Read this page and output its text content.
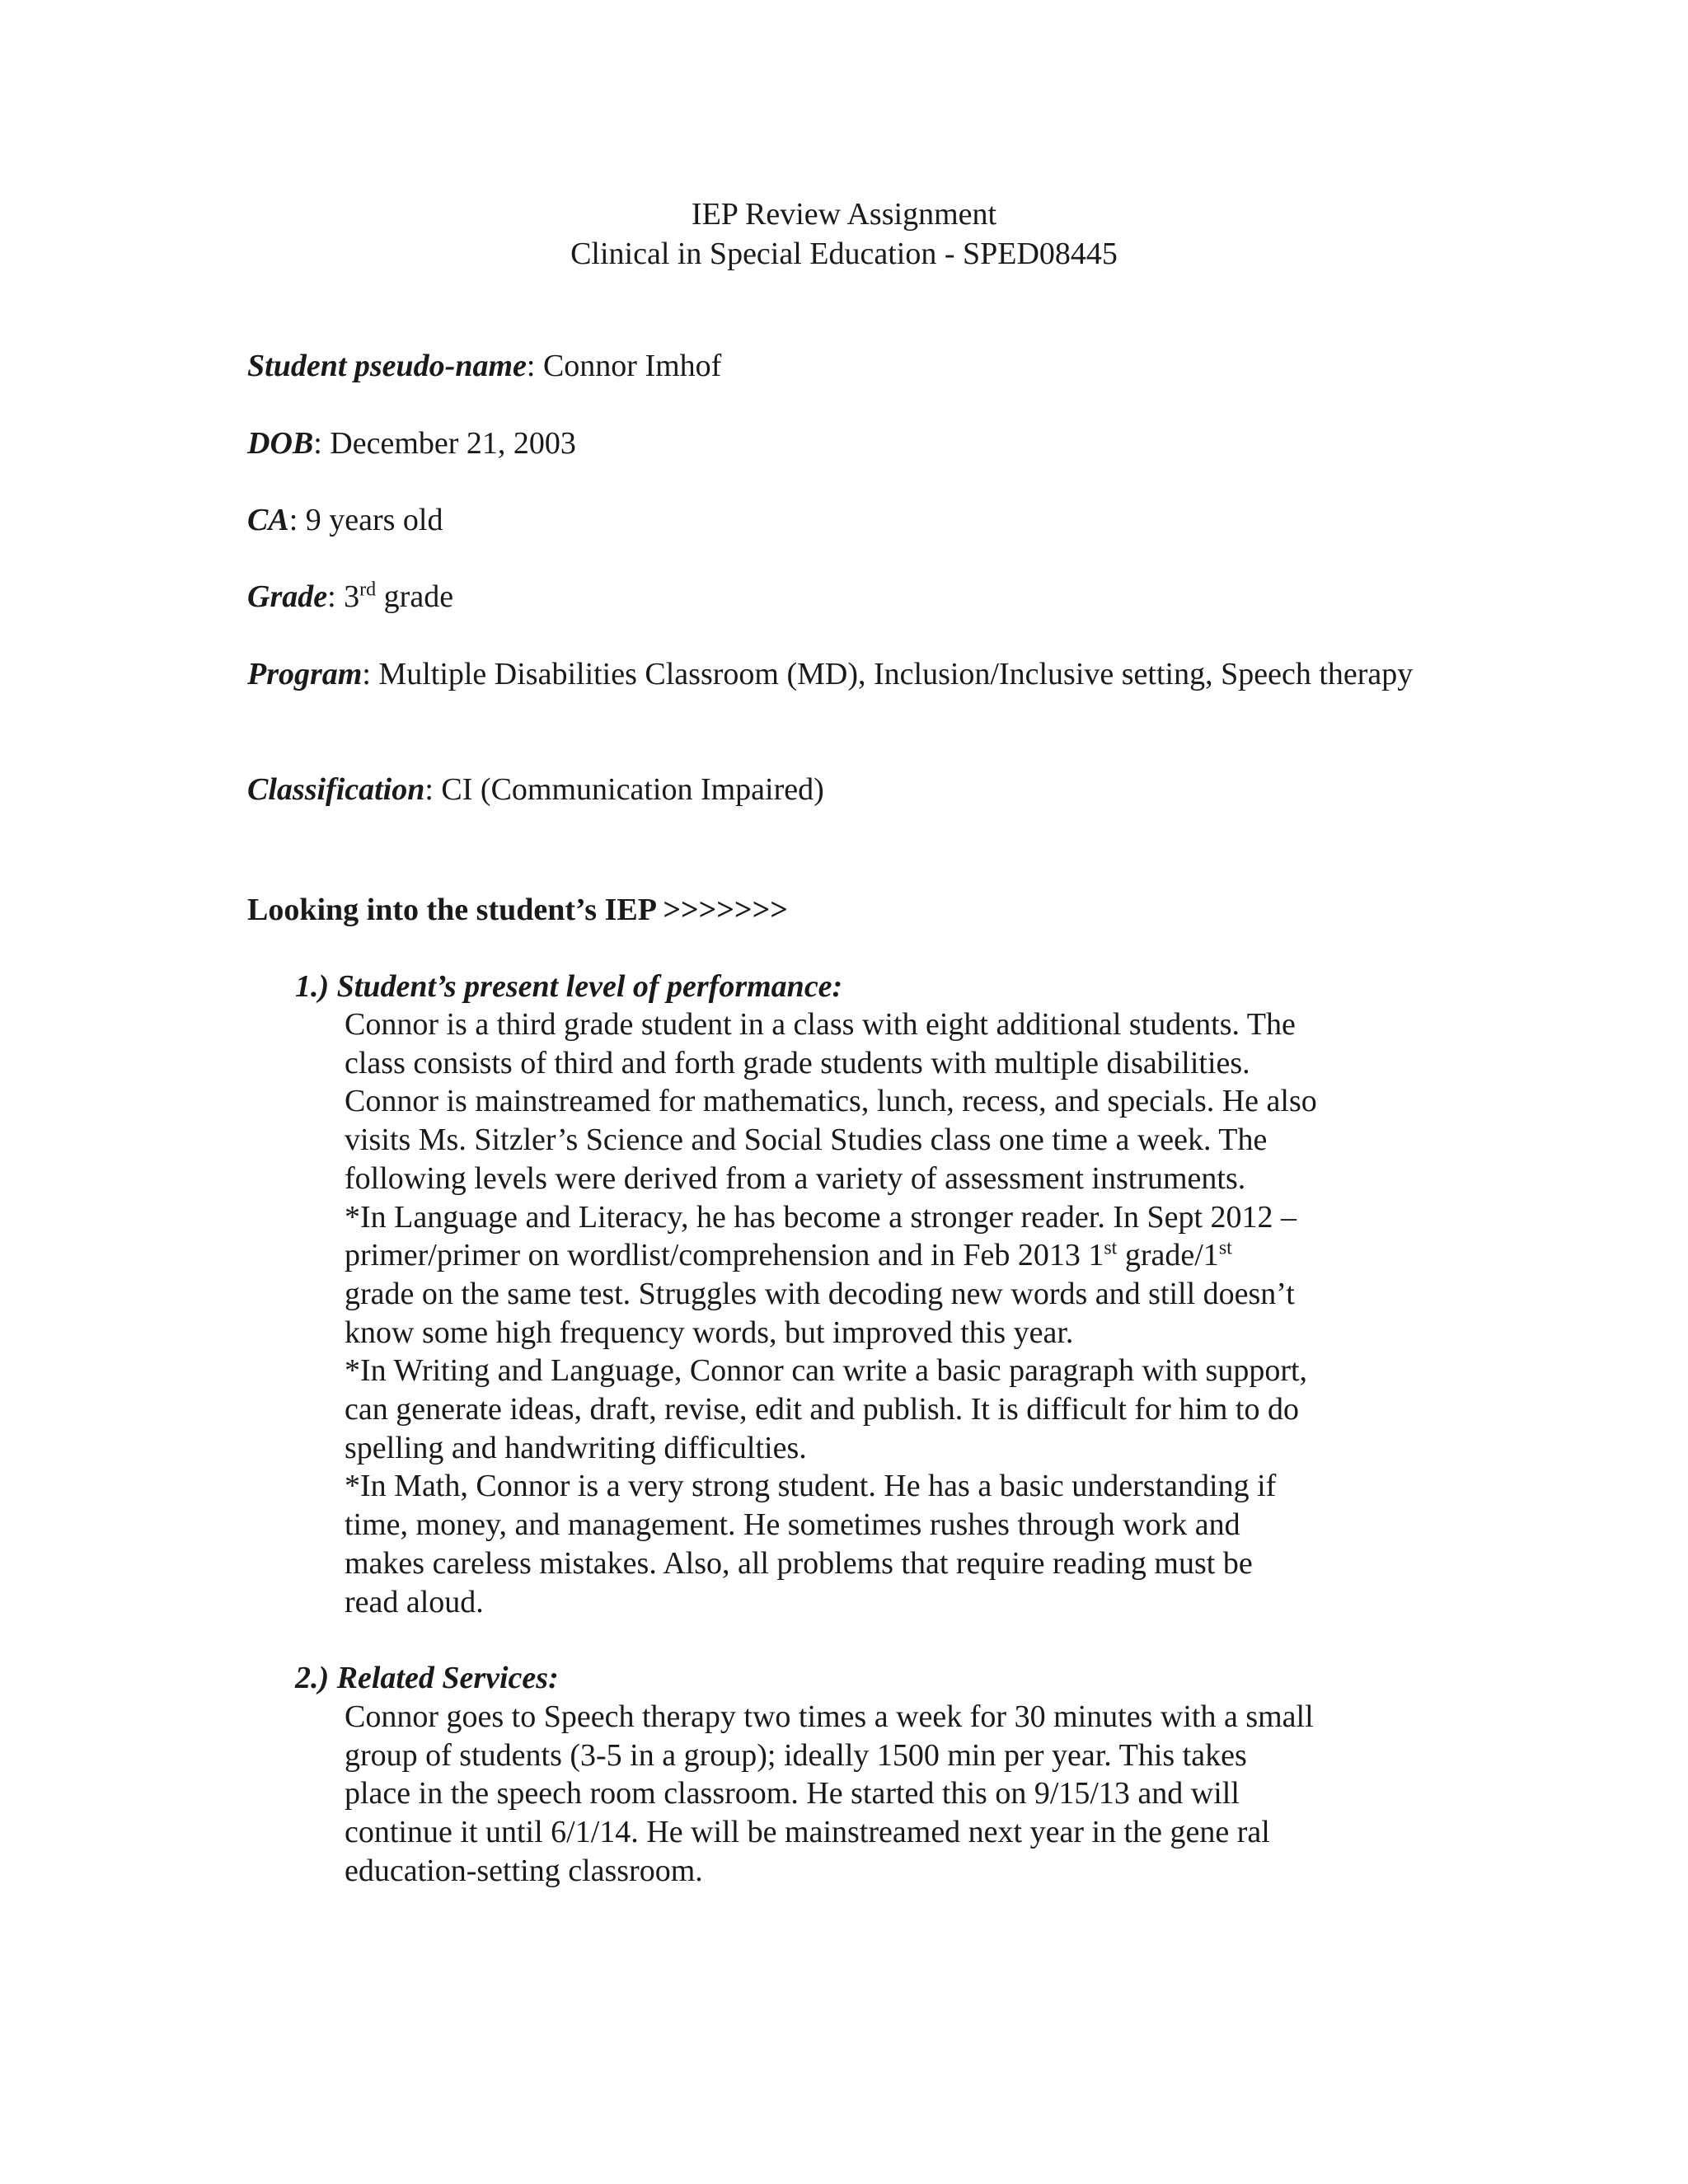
IEP Review Assignment
Clinical in Special Education - SPED08445
Student pseudo-name: Connor Imhof
DOB: December 21, 2003
CA: 9 years old
Grade: 3rd grade
Program: Multiple Disabilities Classroom (MD), Inclusion/Inclusive setting, Speech therapy
Classification: CI (Communication Impaired)
Looking into the student’s IEP >>>>>>>
1.) Student’s present level of performance:
Connor is a third grade student in a class with eight additional students. The
class consists of third and forth grade students with multiple disabilities.
Connor is mainstreamed for mathematics, lunch, recess, and specials. He also
visits Ms. Sitzler’s Science and Social Studies class one time a week. The
following levels were derived from a variety of assessment instruments.
*In Language and Literacy, he has become a stronger reader. In Sept 2012 –
primer/primer on wordlist/comprehension and in Feb 2013 1st grade/1st
grade on the same test. Struggles with decoding new words and still doesn’t
know some high frequency words, but improved this year.
*In Writing and Language, Connor can write a basic paragraph with support,
can generate ideas, draft, revise, edit and publish. It is difficult for him to do
spelling and handwriting difficulties.
*In Math, Connor is a very strong student. He has a basic understanding if
time, money, and management. He sometimes rushes through work and
makes careless mistakes. Also, all problems that require reading must be
read aloud.
2.) Related Services:
Connor goes to Speech therapy two times a week for 30 minutes with a small
group of students (3-5 in a group); ideally 1500 min per year. This takes
place in the speech room classroom. He started this on 9/15/13 and will
continue it until 6/1/14. He will be mainstreamed next year in the gene ral
education-setting classroom.
